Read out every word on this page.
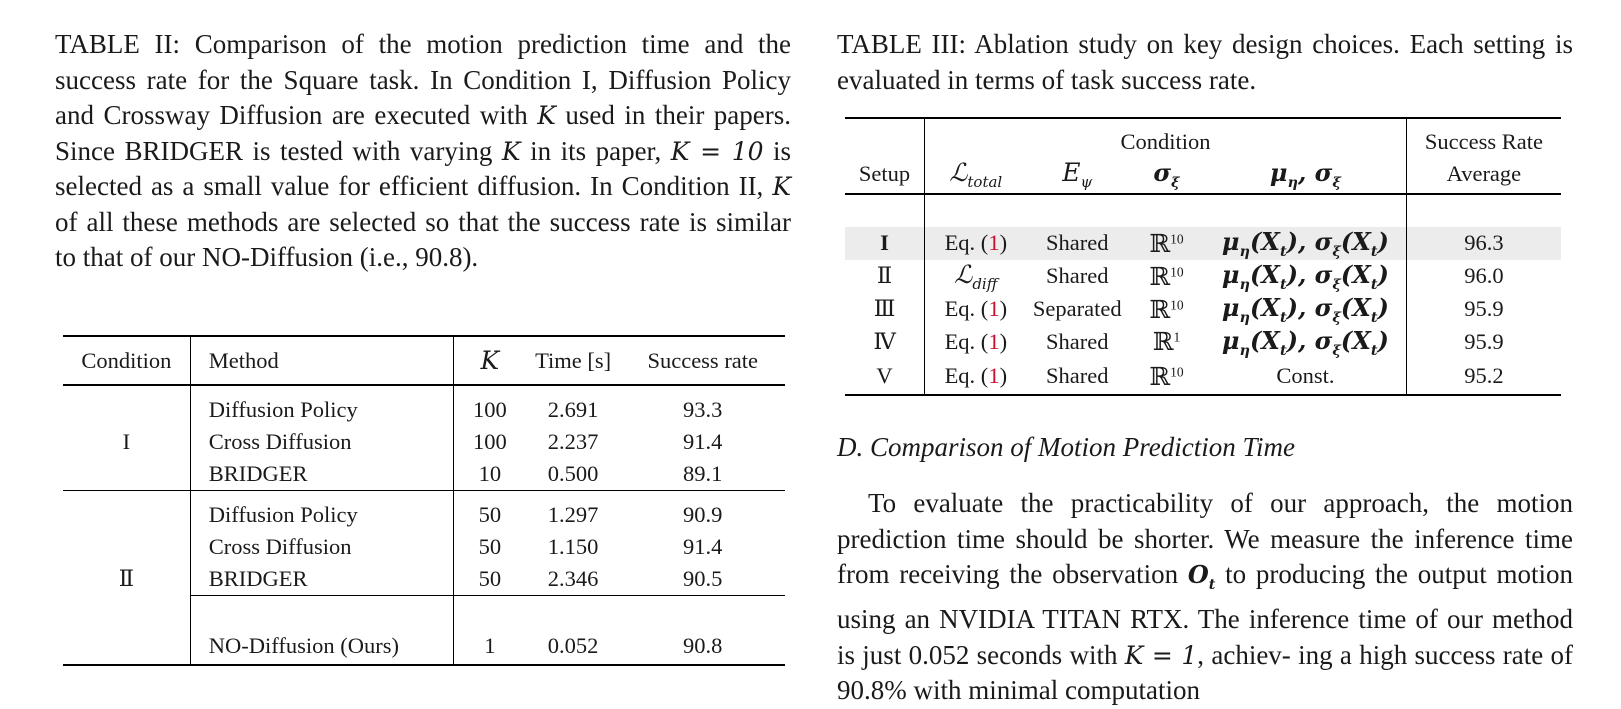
TABLE II: Comparison of the motion prediction time and the success rate for the Square task. In Condition I, Diffusion Policy and Crossway Diffusion are executed with K used in their papers. Since BRIDGER is tested with varying K in its paper, K = 10 is selected as a small value for efficient diffusion. In Condition II, K of all these methods are selected so that the success rate is similar to that of our NO-Diffusion (i.e., 90.8).
Condition	Method	K	Time [s]	Success rate

I	Diffusion Policy	100	2.691	93.3
	Cross Diffusion	100	2.237	91.4
	BRIDGER	10	0.500	89.1

Ⅱ	Diffusion Policy	50	1.297	90.9
	Cross Diffusion	50	1.150	91.4
	BRIDGER	50	2.346	90.5

	NO-Diffusion (Ours)	1	0.052	90.8
TABLE III: Ablation study on key design choices. Each setting is evaluated in terms of task success rate.
	Condition				Success Rate
Setup	ℒ$_{total}$	$E_\psi$	$\sigma_\xi$	$\mu_\eta$, $\sigma_\xi$	Average

I	Eq. (1)	Shared	ℝ$^{10}$	$\mu_\eta(X_t)$, $\sigma_\xi(X_t)$	96.3
Ⅱ	ℒ$_{diff}$	Shared	ℝ$^{10}$	$\mu_\eta(X_t)$, $\sigma_\xi(X_t)$	96.0
Ⅲ	Eq. (1)	Separated	ℝ$^{10}$	$\mu_\eta(X_t)$, $\sigma_\xi(X_t)$	95.9
Ⅳ	Eq. (1)	Shared	ℝ$^1$	$\mu_\eta(X_t)$, $\sigma_\xi(X_t)$	95.9
V	Eq. (1)	Shared	ℝ$^{10}$	Const.	95.2
D. Comparison of Motion Prediction Time

To evaluate the practicability of our approach, the motion prediction time should be shorter. We measure the inference time from receiving the observation $O_t$ to producing the output motion using an NVIDIA TITAN RTX. The inference time of our method is just 0.052 seconds with K = 1, achiev- ing a high success rate of 90.8% with minimal computation
